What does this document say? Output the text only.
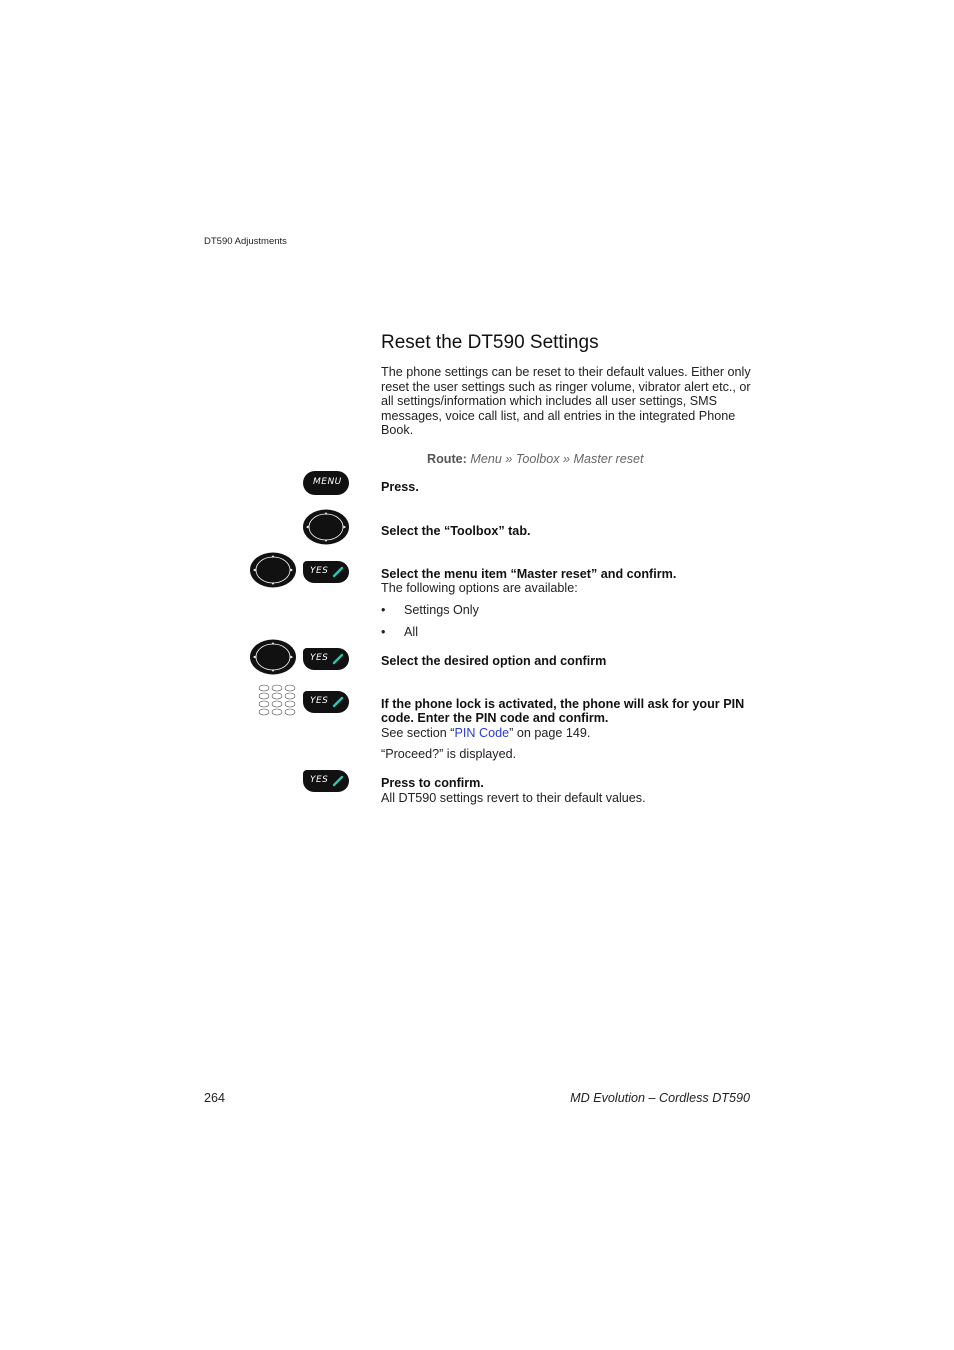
DT590 Adjustments
Reset the DT590 Settings
The phone settings can be reset to their default values. Either only reset the user settings such as ringer volume, vibrator alert etc., or all settings/information which includes all user settings, SMS messages, voice call list, and all entries in the integrated Phone Book.
Route: Menu » Toolbox » Master reset
MENU	Press.
Select the “Toolbox” tab.
YES	Select the menu item “Master reset” and confirm.
The following options are available:
• Settings Only
• All
YES	Select the desired option and confirm
YES	If the phone lock is activated, the phone will ask for your PIN code. Enter the PIN code and confirm.
See section “PIN Code” on page 149.
“Proceed?” is displayed.
YES	Press to confirm.
All DT590 settings revert to their default values.
264	MD Evolution – Cordless DT590
